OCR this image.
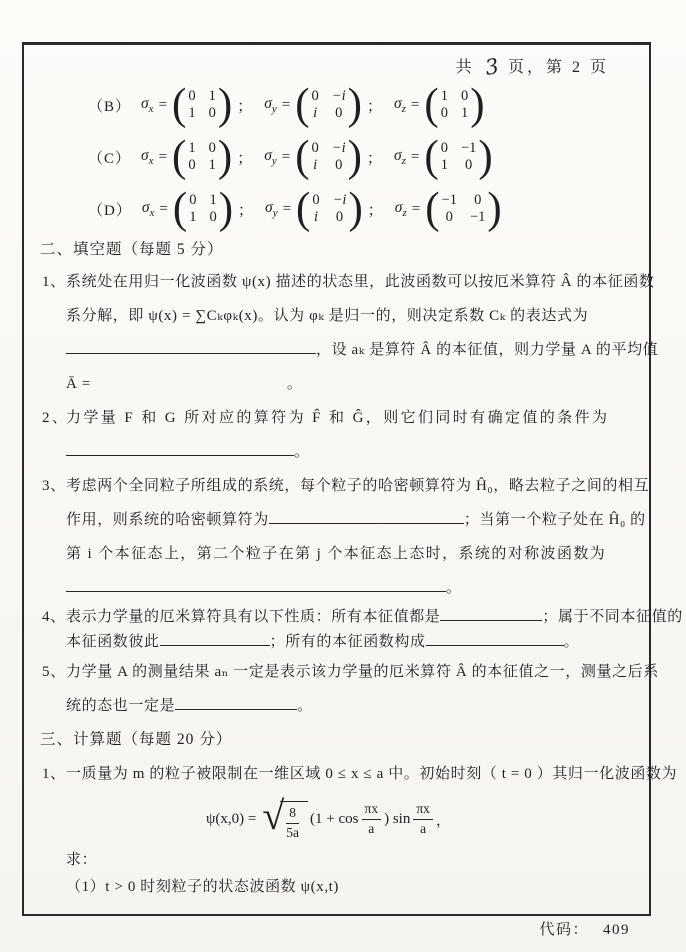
共 3 页，第 2 页
（B） $\sigma_x$ = ( 0 1
1 0 ) ； $\sigma_y$ = ( 0 −i
i 0 ) ； $\sigma_z$ = ( 1 0
0 1 )
（C） $\sigma_x$ = ( 1 0
0 1 ) ； $\sigma_y$ = ( 0 −i
i 0 ) ； $\sigma_z$ = ( 0 −1
1 0 )
（D） $\sigma_x$ = ( 0 1
1 0 ) ； $\sigma_y$ = ( 0 −i
i 0 ) ； $\sigma_z$ = ( −1 0
0 −1 )
二、填空题（每题 5 分）
1、系统处在用归一化波函数 ψ(x) 描述的状态里，此波函数可以按厄米算符 Â 的本征函数
系分解，即 ψ(x) = ∑Cₖφₖ(x)。认为 φₖ 是归一的，则决定系数 Cₖ 的表达式为
，设 aₖ 是算符 Â 的本征值，则力学量 A 的平均值
Ā =	。
2、力学量 F 和 G 所对应的算符为 F̂ 和 Ĝ，则它们同时有确定值的条件为
。
3、考虑两个全同粒子所组成的系统，每个粒子的哈密顿算符为 Ĥ₀，略去粒子之间的相互
作用，则系统的哈密顿算符为	；当第一个粒子处在 Ĥ₀ 的
第 i 个本征态上，第二个粒子在第 j 个本征态上态时，系统的对称波函数为
。
4、表示力学量的厄米算符具有以下性质：所有本征值都是	；属于不同本征值的
本征函数彼此	；所有的本征函数构成	。
5、力学量 A 的测量结果 aₙ 一定是表示该力学量的厄米算符 Â 的本征值之一，测量之后系
统的态也一定是	。
三、计算题（每题 20 分）
1、一质量为 m 的粒子被限制在一维区域 0 ≤ x ≤ a 中。初始时刻（ t = 0 ）其归一化波函数为
ψ(x,0) = √ $\frac{8}{5a} (1 + \cos \frac{\pi x}{a}$ ) $\sin \frac{\pi x}{a}$ ，
求：
（1）t > 0 时刻粒子的状态波函数 ψ(x,t)
代码： 409
